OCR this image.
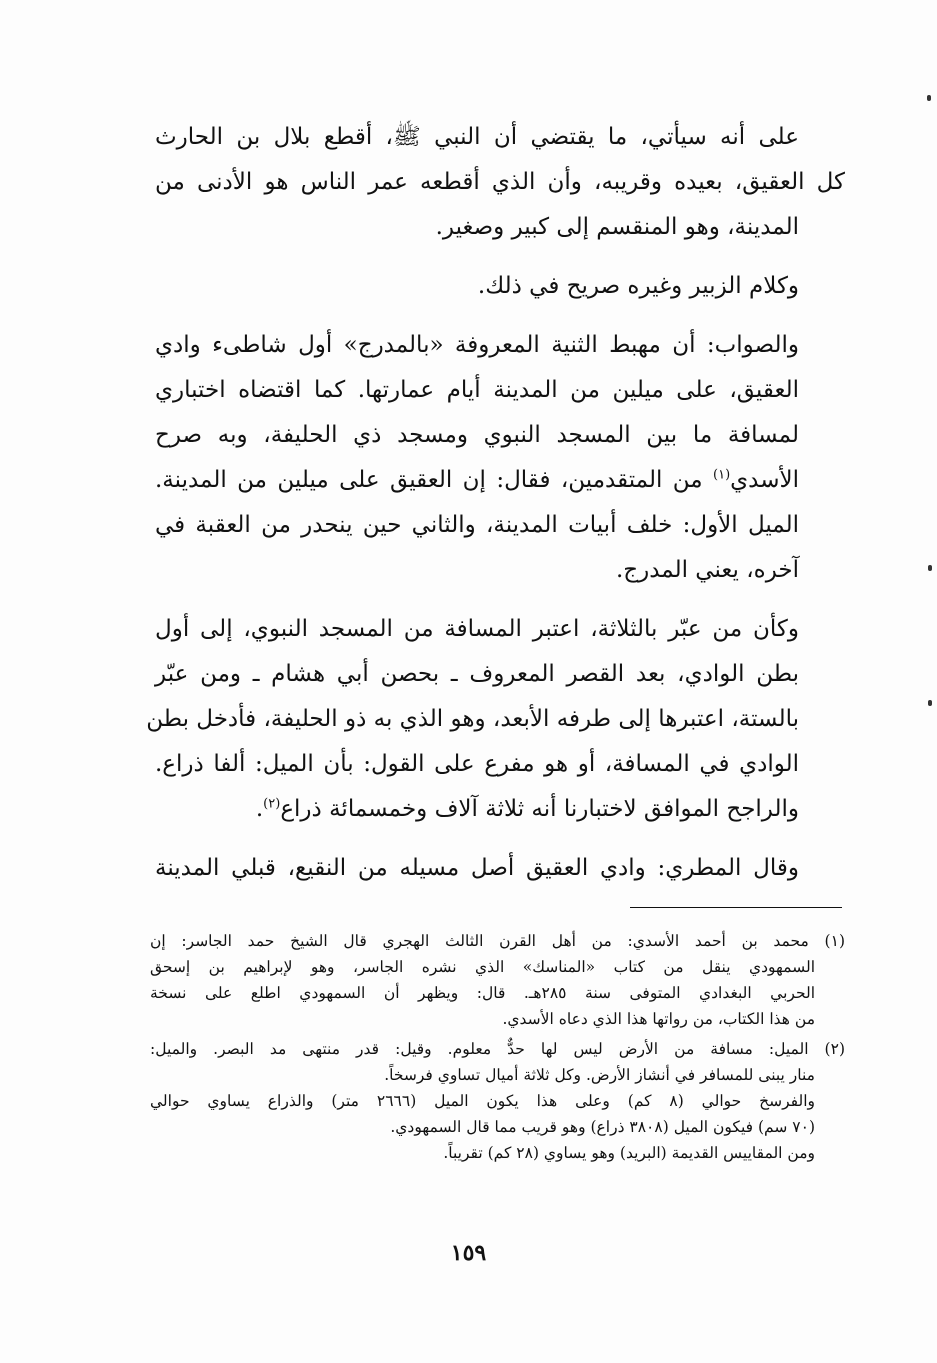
على أنه سيأتي، ما يقتضي أن النبي ﷺ، أقطع بلال بن الحارث
كل العقيق، بعيده وقريبه، وأن الذي أقطعه عمر الناس هو الأدنى من
المدينة، وهو المنقسم إلى كبير وصغير.

وكلام الزبير وغيره صريح في ذلك.

والصواب: أن مهبط الثنية المعروفة «بالمدرج» أول شاطىء وادي
العقيق، على ميلين من المدينة أيام عمارتها. كما اقتضاه اختباري
لمسافة ما بين المسجد النبوي ومسجد ذي الحليفة، وبه صرح
الأسدي$^{(١)}$ من المتقدمين، فقال: إن العقيق على ميلين من المدينة.
الميل الأول: خلف أبيات المدينة، والثاني حين ينحدر من العقبة في
آخره، يعني المدرج.

وكأن من عبّر بالثلاثة، اعتبر المسافة من المسجد النبوي، إلى أول
بطن الوادي، بعد القصر المعروف ـ بحصن أبي هشام ـ ومن عبّر
بالستة، اعتبرها إلى طرفه الأبعد، وهو الذي به ذو الحليفة، فأدخل بطن
الوادي في المسافة، أو هو مفرع على القول: بأن الميل: ألفا ذراع.
والراجح الموافق لاختبارنا أنه ثلاثة آلاف وخمسمائة ذراع$^{(٢)}$.

وقال المطري: وادي العقيق أصل مسيله من النقيع، قبلي المدينة

(١) محمد بن أحمد الأسدي: من أهل القرن الثالث الهجري قال الشيخ حمد الجاسر: إن
السمهودي ينقل من كتاب «المناسك» الذي نشره الجاسر، وهو لإبراهيم بن إسحق
الحربي البغدادي المتوفى سنة ٢٨٥هـ. قال: ويظهر أن السمهودي اطلع على نسخة
من هذا الكتاب، من رواتها هذا الذي دعاه الأسدي.
(٢) الميل: مسافة من الأرض ليس لها حدٌّ معلوم. وقيل: قدر منتهى مد البصر. والميل:
منار يبنى للمسافر في أنشاز الأرض. وكل ثلاثة أميال تساوي فرسخاً.
والفرسخ حوالي (٨ كم) وعلى هذا يكون الميل (٢٦٦٦ متر) والذراع يساوي حوالي
(٧٠ سم) فيكون الميل (٣٨٠٨ ذراع) وهو قريب مما قال السمهودي.
ومن المقاييس القديمة (البريد) وهو يساوي (٢٨ كم) تقريباً.
١٥٩
